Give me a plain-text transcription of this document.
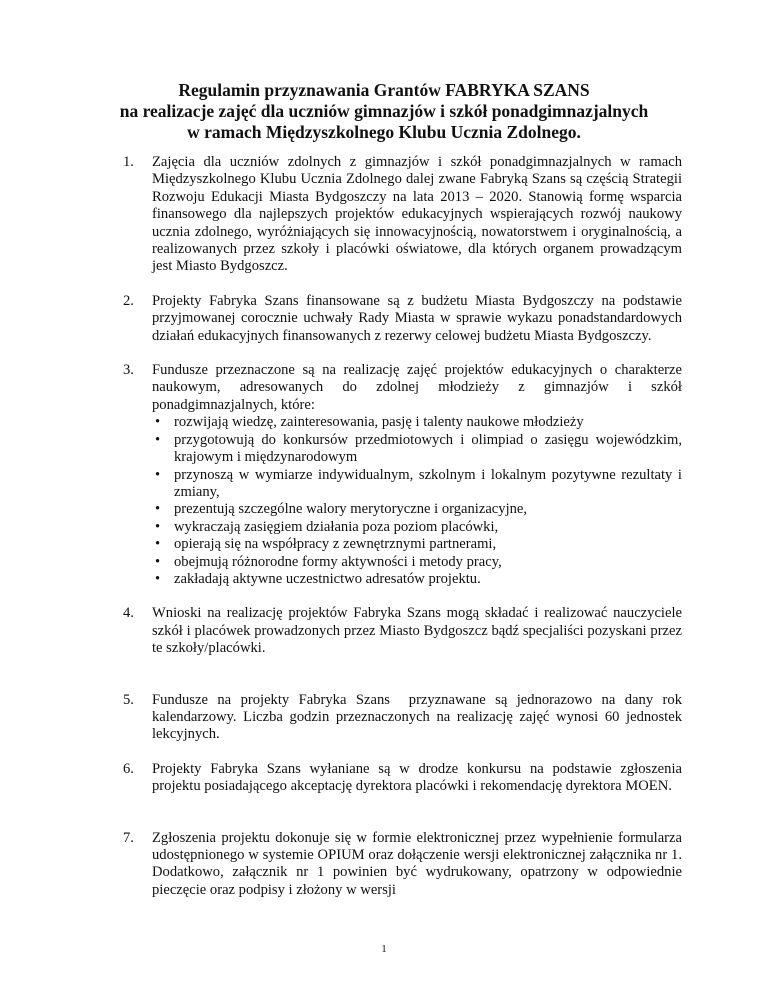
Regulamin przyznawania Grantów FABRYKA SZANS
na realizacje zajęć dla uczniów gimnazjów i szkół ponadgimnazjalnych
w ramach Międzyszkolnego Klubu Ucznia Zdolnego.
1. Zajęcia dla uczniów zdolnych z gimnazjów i szkół ponadgimnazjalnych w ramach Międzyszkolnego Klubu Ucznia Zdolnego dalej zwane Fabryką Szans są częścią Strategii Rozwoju Edukacji Miasta Bydgoszczy na lata 2013 – 2020. Stanowią formę wsparcia finansowego dla najlepszych projektów edukacyjnych wspierających rozwój naukowy ucznia zdolnego, wyróżniających się innowacyjnością, nowatorstwem i oryginalnością, a realizowanych przez szkoły i placówki oświatowe, dla których organem prowadzącym jest Miasto Bydgoszcz.

2. Projekty Fabryka Szans finansowane są z budżetu Miasta Bydgoszczy na podstawie przyjmowanej corocznie uchwały Rady Miasta w sprawie wykazu ponadstandardowych działań edukacyjnych finansowanych z rezerwy celowej budżetu Miasta Bydgoszczy.

3. Fundusze przeznaczone są na realizację zajęć projektów edukacyjnych o charakterze naukowym, adresowanych do zdolnej młodzieży z gimnazjów i szkół ponadgimnazjalnych, które:

• rozwijają wiedzę, zainteresowania, pasję i talenty naukowe młodzieży
• przygotowują do konkursów przedmiotowych i olimpiad o zasięgu wojewódzkim, krajowym i międzynarodowym
• przynoszą w wymiarze indywidualnym, szkolnym i lokalnym pozytywne rezultaty i zmiany,
• prezentują szczególne walory merytoryczne i organizacyjne,
• wykraczają zasięgiem działania poza poziom placówki,
• opierają się na współpracy z zewnętrznymi partnerami,
• obejmują różnorodne formy aktywności i metody pracy,
• zakładają aktywne uczestnictwo adresatów projektu.
4. Wnioski na realizację projektów Fabryka Szans mogą składać i realizować nauczyciele szkół i placówek prowadzonych przez Miasto Bydgoszcz bądź specjaliści pozyskani przez te szkoły/placówki.

5. Fundusze na projekty Fabryka Szans  przyznawane są jednorazowo na dany rok kalendarzowy. Liczba godzin przeznaczonych na realizację zajęć wynosi 60 jednostek lekcyjnych.

6. Projekty Fabryka Szans wyłaniane są w drodze konkursu na podstawie zgłoszenia projektu posiadającego akceptację dyrektora placówki i rekomendację dyrektora MOEN.

7. Zgłoszenia projektu dokonuje się w formie elektronicznej przez wypełnienie formularza udostępnionego w systemie OPIUM oraz dołączenie wersji elektronicznej załącznika nr 1. Dodatkowo, załącznik nr 1 powinien być wydrukowany, opatrzony w odpowiednie pieczęcie oraz podpisy i złożony w wersji

1
